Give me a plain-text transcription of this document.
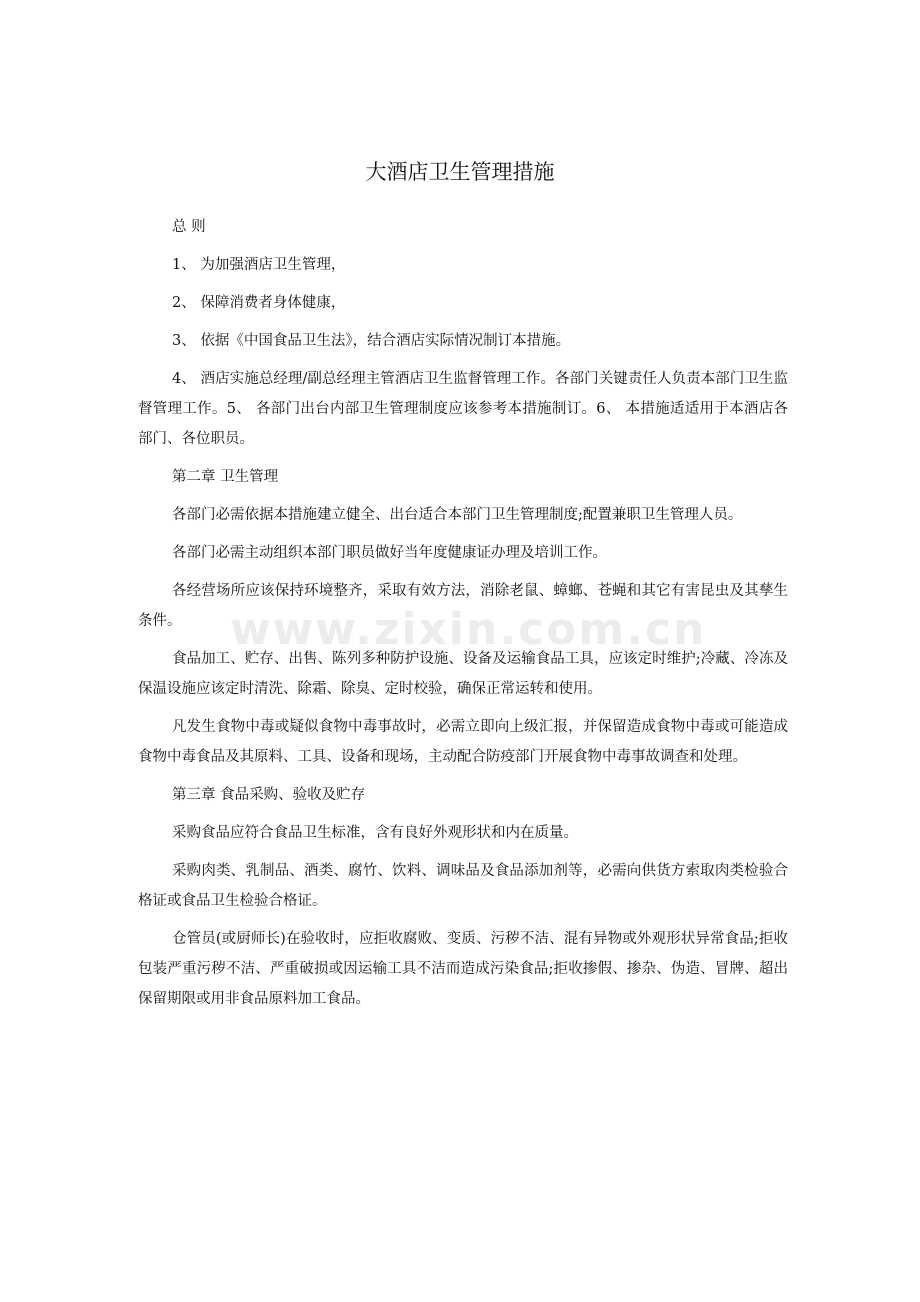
www.zixin.com.cn
大酒店卫生管理措施

总 则

1、 为加强酒店卫生管理，

2、 保障消费者身体健康，

3、 依据《中国食品卫生法》，结合酒店实际情况制订本措施。

4、 酒店实施总经理/副总经理主管酒店卫生监督管理工作。各部门关键责任人负责本部门卫生监督管理工作。5、 各部门出台内部卫生管理制度应该参考本措施制订。6、 本措施适适用于本酒店各部门、各位职员。

第二章 卫生管理

各部门必需依据本措施建立健全、出台适合本部门卫生管理制度;配置兼职卫生管理人员。

各部门必需主动组织本部门职员做好当年度健康证办理及培训工作。

各经营场所应该保持环境整齐，采取有效方法，消除老鼠、蟑螂、苍蝇和其它有害昆虫及其孳生条件。

食品加工、贮存、出售、陈列多种防护设施、设备及运输食品工具，应该定时维护;冷藏、冷冻及保温设施应该定时清洗、除霜、除臭、定时校验，确保正常运转和使用。

凡发生食物中毒或疑似食物中毒事故时，必需立即向上级汇报，并保留造成食物中毒或可能造成食物中毒食品及其原料、工具、设备和现场，主动配合防疫部门开展食物中毒事故调查和处理。

第三章 食品采购、验收及贮存

采购食品应符合食品卫生标准，含有良好外观形状和内在质量。

采购肉类、乳制品、酒类、腐竹、饮料、调味品及食品添加剂等，必需向供货方索取肉类检验合格证或食品卫生检验合格证。

仓管员(或厨师长)在验收时，应拒收腐败、变质、污秽不洁、混有异物或外观形状异常食品;拒收包装严重污秽不洁、严重破损或因运输工具不洁而造成污染食品;拒收掺假、掺杂、伪造、冒牌、超出保留期限或用非食品原料加工食品。
